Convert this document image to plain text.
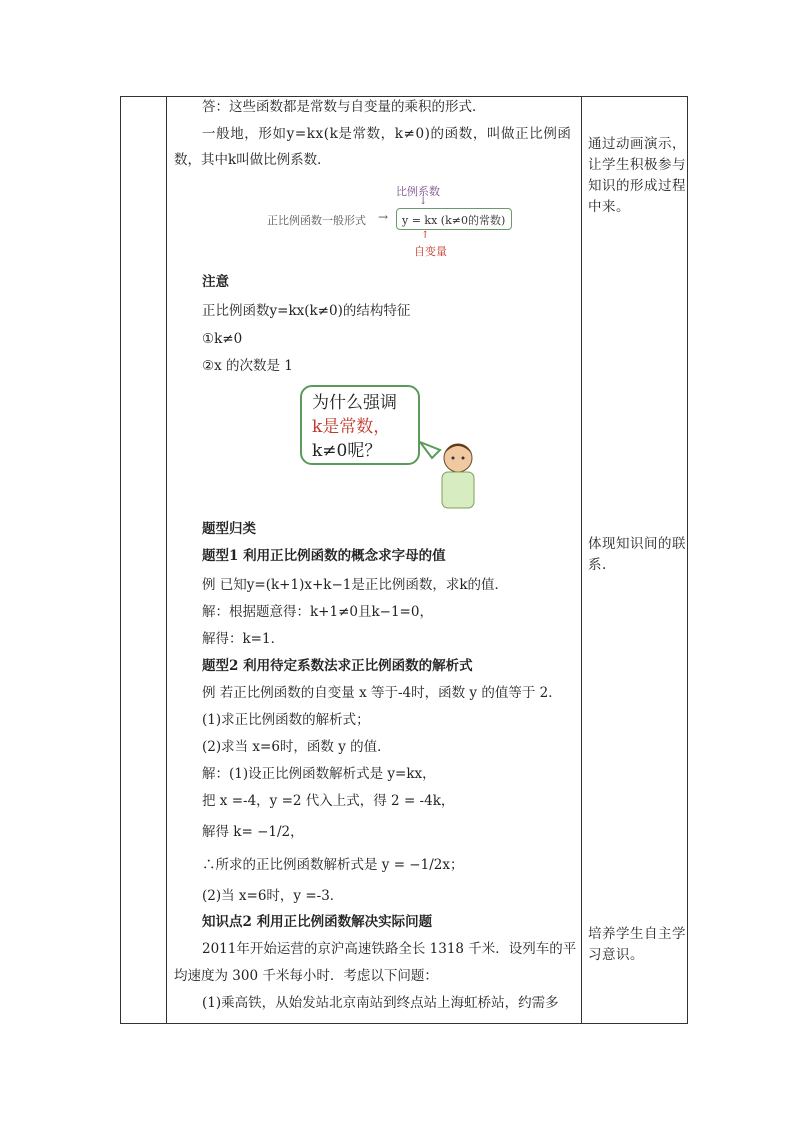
答：这些函数都是常数与自变量的乘积的形式．
一般地，形如y=kx(k是常数，k≠0)的函数，叫做正比例函
数，其中k叫做比例系数．
比例系数
↓
正比例函数一般形式 → y = kx (k≠0的常数)
↑
自变量
注意
正比例函数y=kx(k≠0)的结构特征
①k≠0
②x 的次数是 1
为什么强调
k是常数，
k≠0呢？
题型归类
题型1 利用正比例函数的概念求字母的值
例 已知y=(k+1)x+k−1是正比例函数，求k的值．
解：根据题意得：k+1≠0且k−1=0，
解得：k=1．
题型2 利用待定系数法求正比例函数的解析式
例 若正比例函数的自变量 x 等于-4时，函数 y 的值等于 2．
(1)求正比例函数的解析式；
(2)求当 x=6时，函数 y 的值．
解：(1)设正比例函数解析式是 y=kx，
把 x =-4，y =2 代入上式，得 2 = -4k，
解得 k= −1/2，
∴所求的正比例函数解析式是 y = −1/2x；
(2)当 x=6时，y =-3．
知识点2 利用正比例函数解决实际问题
2011年开始运营的京沪高速铁路全长 1318 千米．设列车的平
均速度为 300 千米每小时．考虑以下问题：
(1)乘高铁，从始发站北京南站到终点站上海虹桥站，约需多
通过动画演示，让学生积极参与知识的形成过程中来。
体现知识间的联系.
培养学生自主学习意识。
